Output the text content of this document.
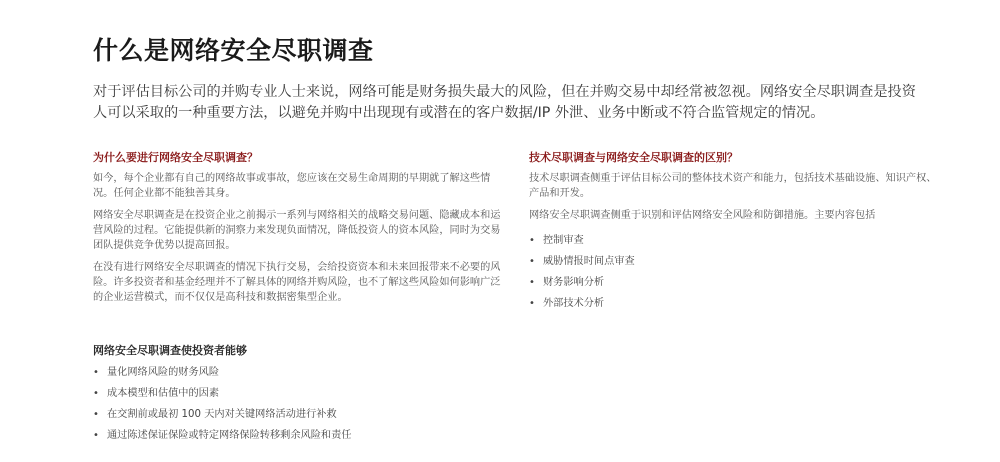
什么是网络安全尽职调查

对于评估目标公司的并购专业人士来说，网络可能是财务损失最大的风险，但在并购交易中却经常被忽视。网络安全尽职调查是投资人可以采取的一种重要方法，以避免并购中出现现有或潜在的客户数据/IP 外泄、业务中断或不符合监管规定的情况。

为什么要进行网络安全尽职调查？

如今，每个企业都有自己的网络故事或事故，您应该在交易生命周期的早期就了解这些情况。任何企业都不能独善其身。

网络安全尽职调查是在投资企业之前揭示一系列与网络相关的战略交易问题、隐藏成本和运营风险的过程。它能提供新的洞察力来发现负面情况，降低投资人的资本风险，同时为交易团队提供竞争优势以提高回报。

在没有进行网络安全尽职调查的情况下执行交易，会给投资资本和未来回报带来不必要的风险。许多投资者和基金经理并不了解具体的网络并购风险，也不了解这些风险如何影响广泛的企业运营模式，而不仅仅是高科技和数据密集型企业。

技术尽职调查与网络安全尽职调查的区别？

技术尽职调查侧重于评估目标公司的整体技术资产和能力，包括技术基础设施、知识产权、产品和开发。

网络安全尽职调查侧重于识别和评估网络安全风险和防御措施。主要内容包括

• 控制审查
• 威胁情报时间点审查
• 财务影响分析
• 外部技术分析
网络安全尽职调查使投资者能够
• 量化网络风险的财务风险
• 成本模型和估值中的因素
• 在交割前或最初 100 天内对关键网络活动进行补救
• 通过陈述保证保险或特定网络保险转移剩余风险和责任
